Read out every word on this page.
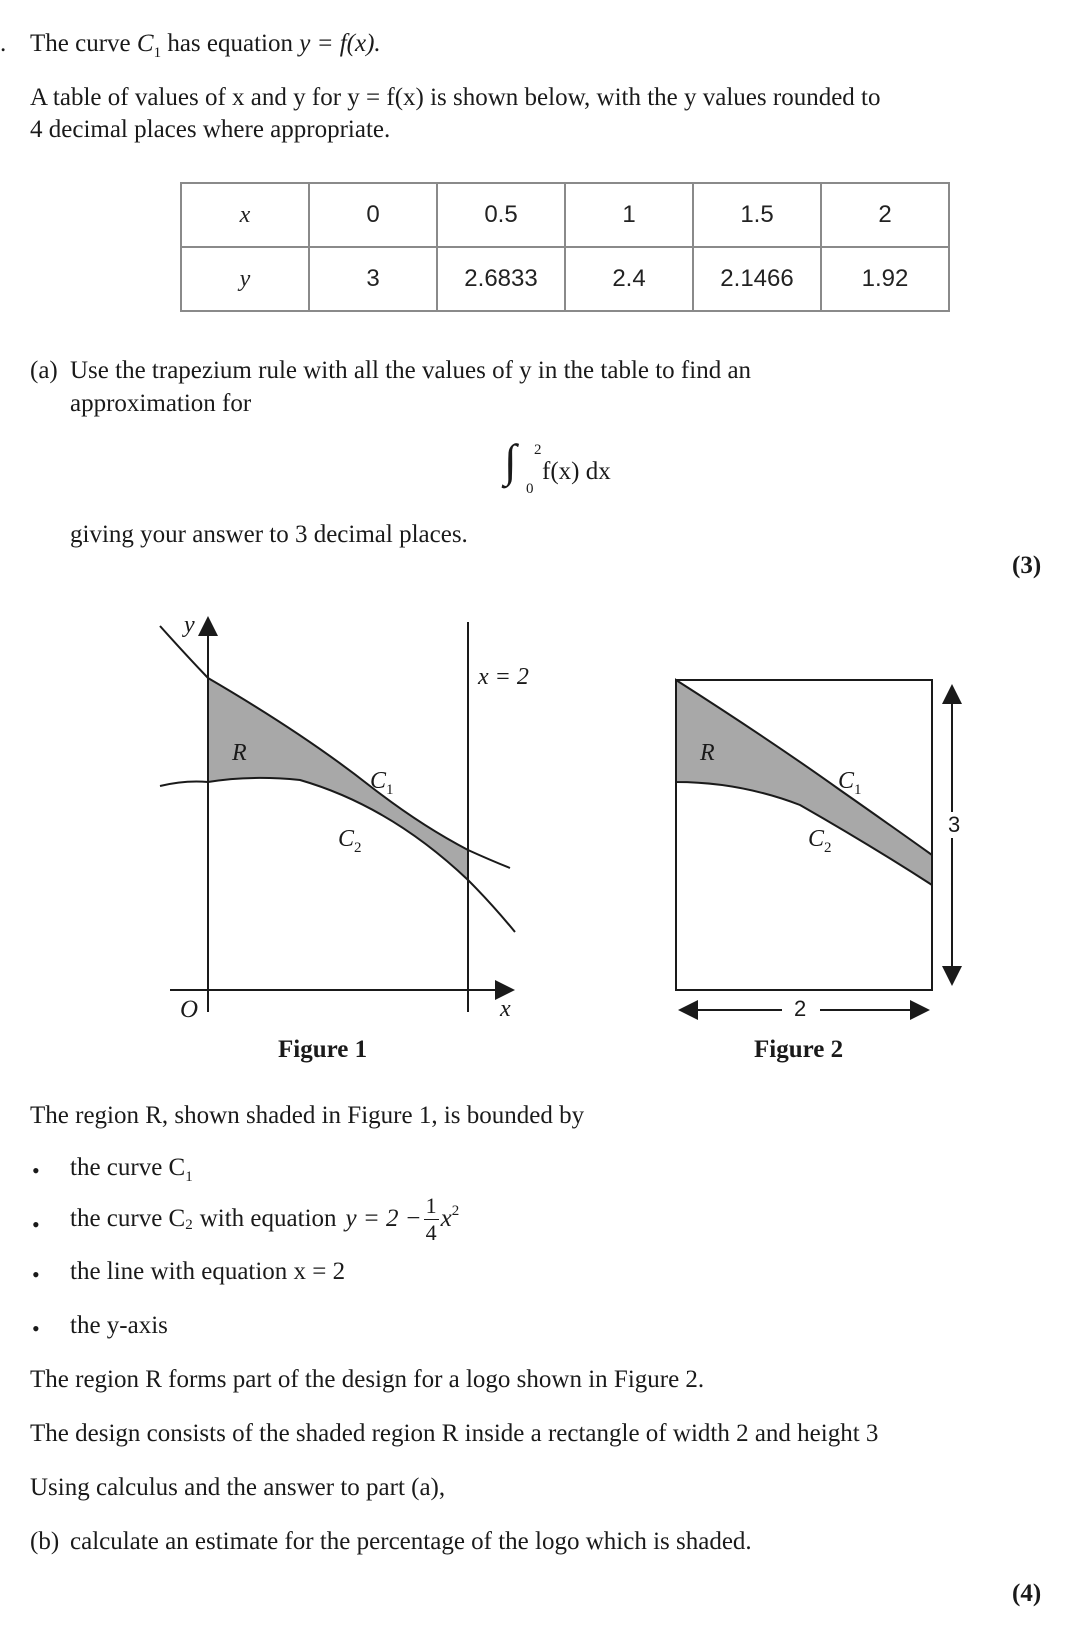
. The curve $C_1$ has equation y = f(x).
A table of values of x and y for y = f(x) is shown below, with the y values rounded to
4 decimal places where appropriate.
x	0	0.5	1	1.5	2
y	3	2.6833	2.4	2.1466	1.92
(a) Use the trapezium rule with all the values of y in the table to find an
approximation for
∫ 2
0
f(x) dx
giving your answer to 3 decimal places.
(3)
y
x
O
x = 2
R
$C_1$
$C_2$
Figure 1
R
$C_1$
$C_2$
3
2
Figure 2
The region R, shown shaded in Figure 1, is bounded by
• the curve $C_1$
• the curve $C_2$ with equation $y = 2 - \frac{1}{4} x^2$
• the line with equation x = 2
• the y-axis
The region R forms part of the design for a logo shown in Figure 2.
The design consists of the shaded region R inside a rectangle of width 2 and height 3
Using calculus and the answer to part (a),
(b) calculate an estimate for the percentage of the logo which is shaded.
(4)
